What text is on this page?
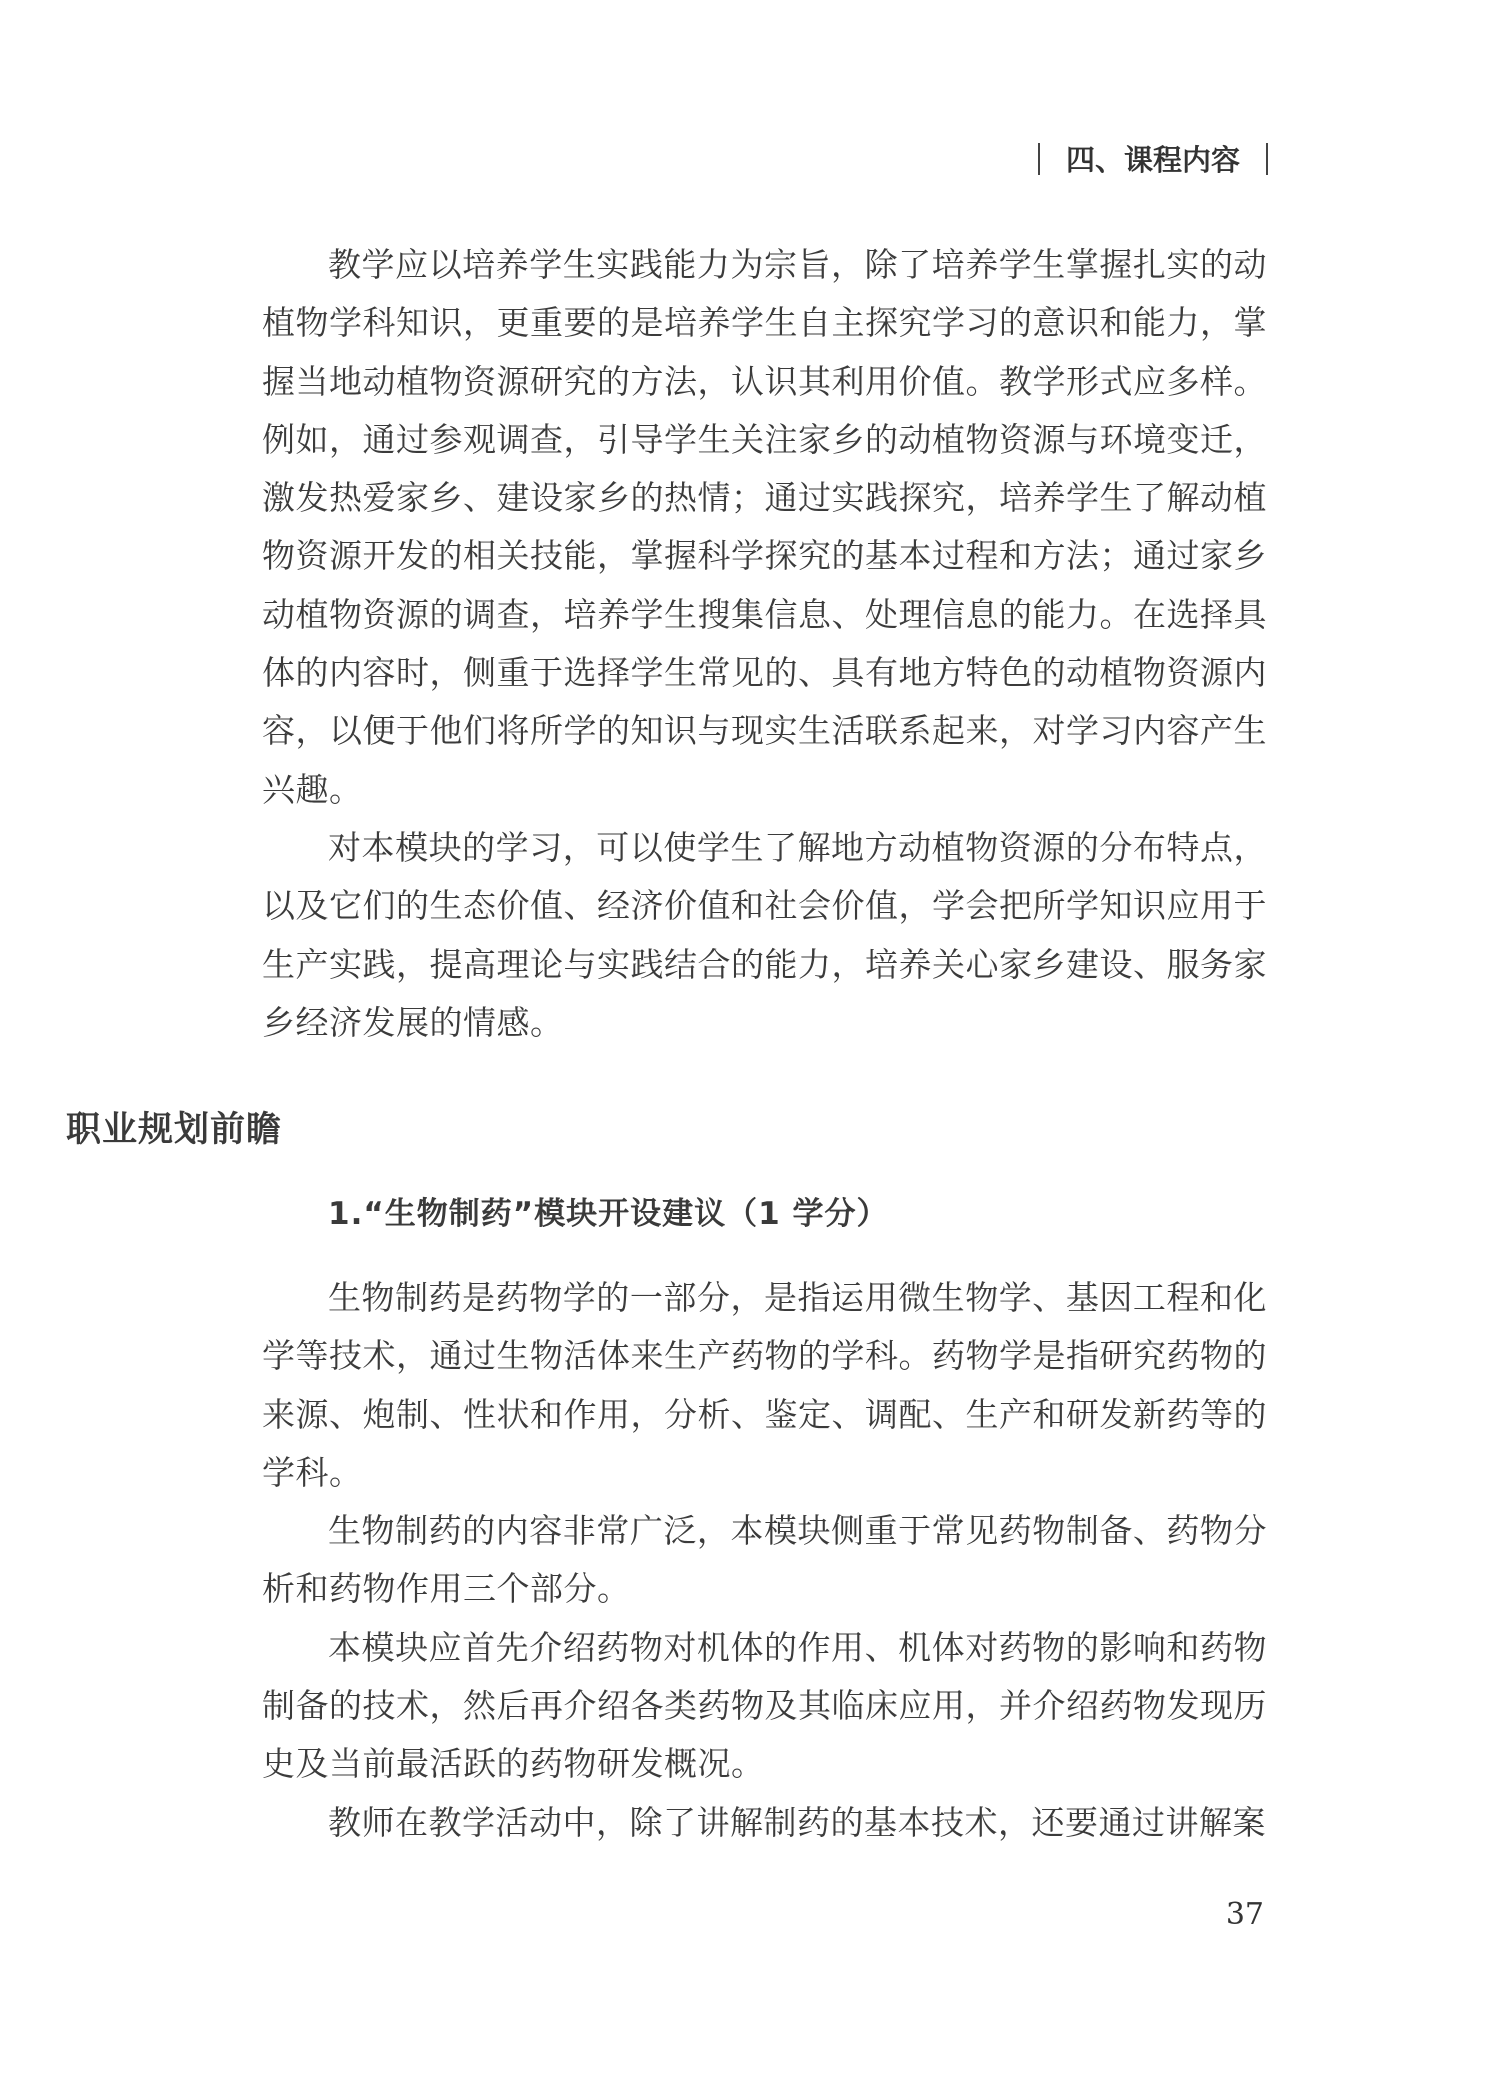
四、课程内容

教学应以培养学生实践能力为宗旨，除了培养学生掌握扎实的动植物学科知识，更重要的是培养学生自主探究学习的意识和能力，掌握当地动植物资源研究的方法，认识其利用价值。教学形式应多样。例如，通过参观调查，引导学生关注家乡的动植物资源与环境变迁，激发热爱家乡、建设家乡的热情；通过实践探究，培养学生了解动植物资源开发的相关技能，掌握科学探究的基本过程和方法；通过家乡动植物资源的调查，培养学生搜集信息、处理信息的能力。在选择具体的内容时，侧重于选择学生常见的、具有地方特色的动植物资源内容，以便于他们将所学的知识与现实生活联系起来，对学习内容产生兴趣。

对本模块的学习，可以使学生了解地方动植物资源的分布特点，以及它们的生态价值、经济价值和社会价值，学会把所学知识应用于生产实践，提高理论与实践结合的能力，培养关心家乡建设、服务家乡经济发展的情感。

职业规划前瞻
1.“生物制药”模块开设建议（1 学分）

生物制药是药物学的一部分，是指运用微生物学、基因工程和化学等技术，通过生物活体来生产药物的学科。药物学是指研究药物的来源、炮制、性状和作用，分析、鉴定、调配、生产和研发新药等的学科。

生物制药的内容非常广泛，本模块侧重于常见药物制备、药物分析和药物作用三个部分。

本模块应首先介绍药物对机体的作用、机体对药物的影响和药物制备的技术，然后再介绍各类药物及其临床应用，并介绍药物发现历史及当前最活跃的药物研发概况。

教师在教学活动中，除了讲解制药的基本技术，还要通过讲解案

37
